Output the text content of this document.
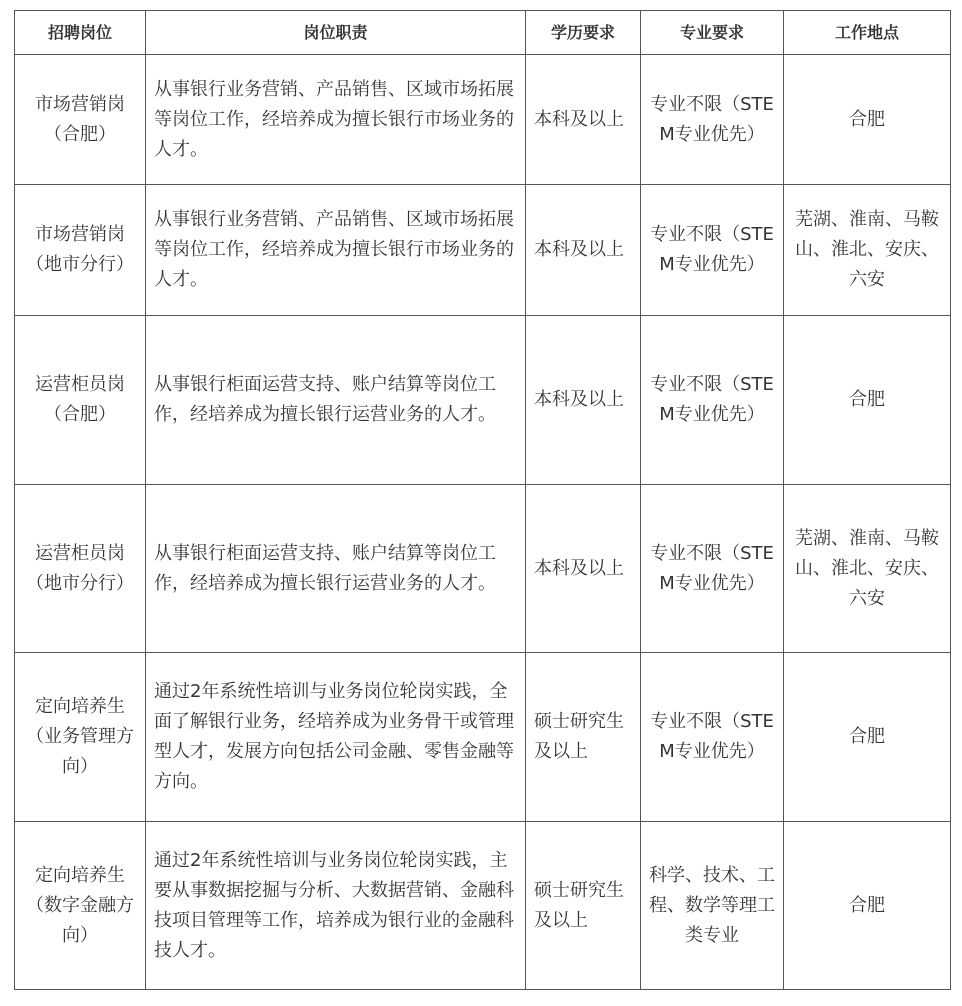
招聘岗位	岗位职责	学历要求	专业要求	工作地点
市场营销岗（合肥）	从事银行业务营销、产品销售、区域市场拓展等岗位工作，经培养成为擅长银行市场业务的人才。	本科及以上	专业不限（STEM专业优先）	合肥
市场营销岗（地市分行）	从事银行业务营销、产品销售、区域市场拓展等岗位工作，经培养成为擅长银行市场业务的人才。	本科及以上	专业不限（STEM专业优先）	芜湖、淮南、马鞍山、淮北、安庆、六安
运营柜员岗（合肥）	从事银行柜面运营支持、账户结算等岗位工作，经培养成为擅长银行运营业务的人才。	本科及以上	专业不限（STEM专业优先）	合肥
运营柜员岗（地市分行）	从事银行柜面运营支持、账户结算等岗位工作，经培养成为擅长银行运营业务的人才。	本科及以上	专业不限（STEM专业优先）	芜湖、淮南、马鞍山、淮北、安庆、六安
定向培养生（业务管理方向）	通过2年系统性培训与业务岗位轮岗实践，全面了解银行业务，经培养成为业务骨干或管理型人才，发展方向包括公司金融、零售金融等方向。	硕士研究生及以上	专业不限（STEM专业优先）	合肥
定向培养生（数字金融方向）	通过2年系统性培训与业务岗位轮岗实践，主要从事数据挖掘与分析、大数据营销、金融科技项目管理等工作，培养成为银行业的金融科技人才。	硕士研究生及以上	科学、技术、工程、数学等理工类专业	合肥
